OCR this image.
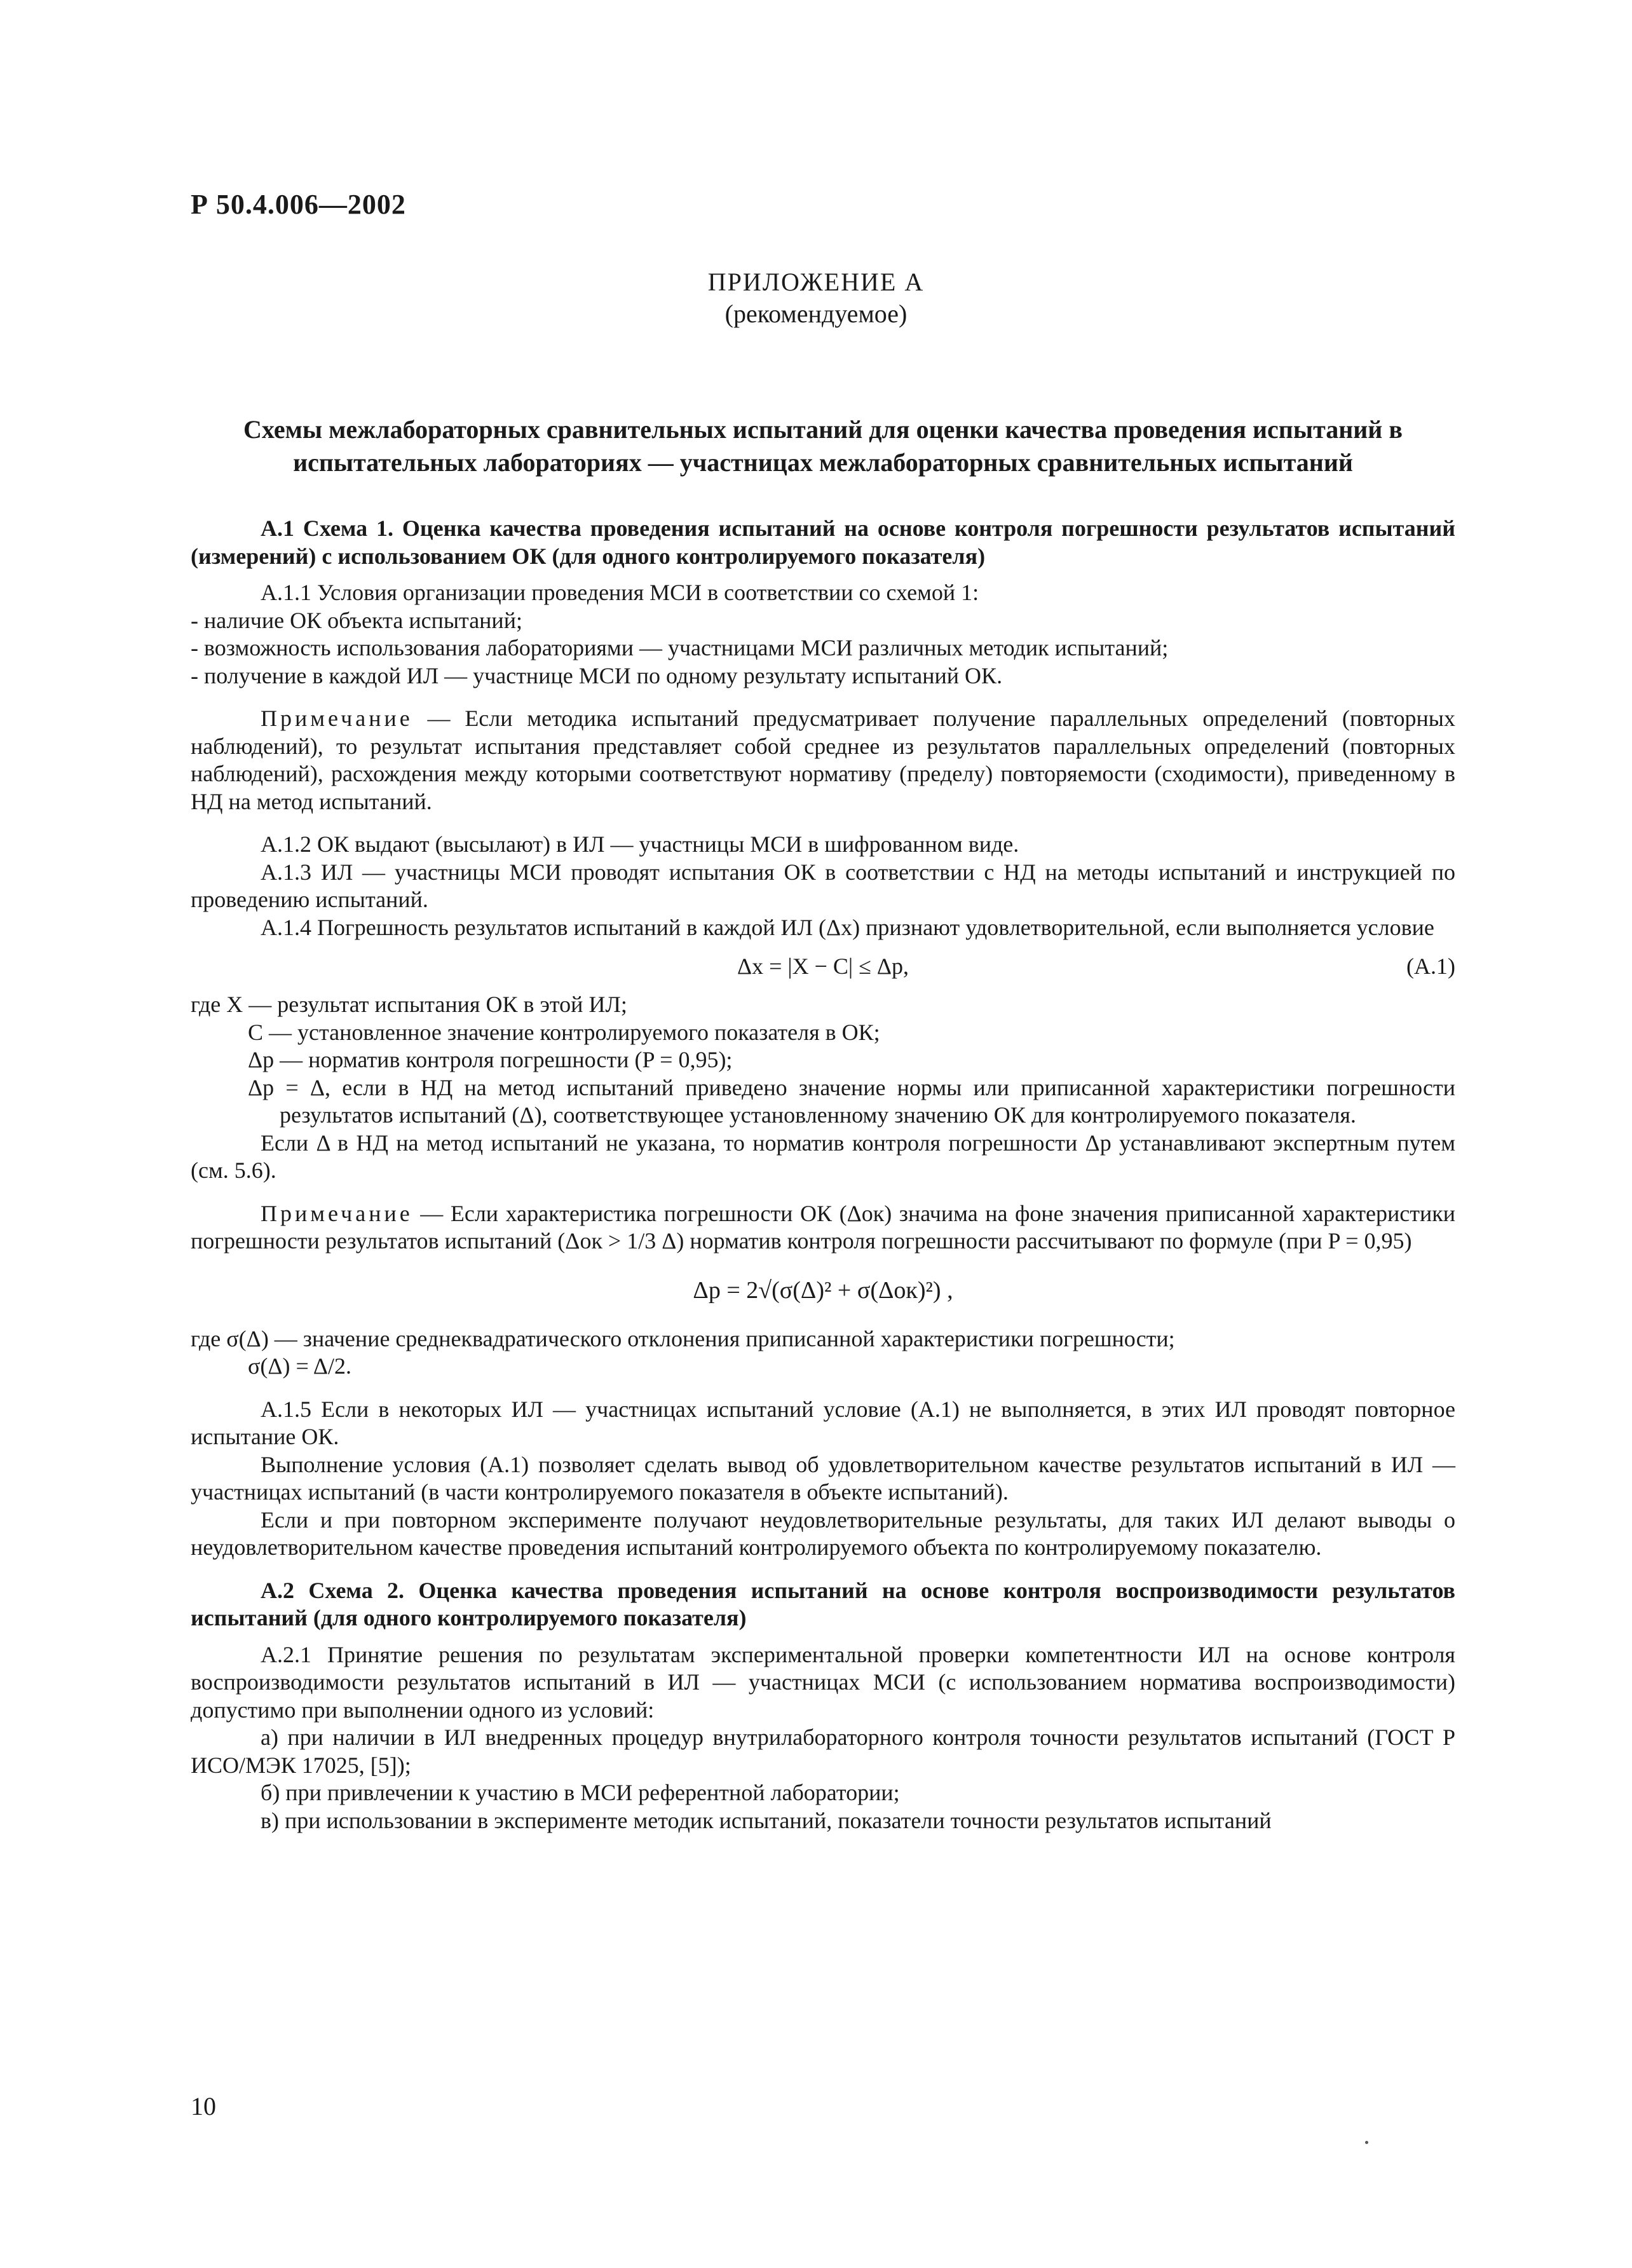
Р 50.4.006—2002
ПРИЛОЖЕНИЕ А
(рекомендуемое)
Схемы межлабораторных сравнительных испытаний для оценки качества проведения испытаний в испытательных лабораториях — участницах межлабораторных сравнительных испытаний

А.1 Схема 1. Оценка качества проведения испытаний на основе контроля погрешности результатов испытаний (измерений) с использованием ОК (для одного контролируемого показателя)

А.1.1 Условия организации проведения МСИ в соответствии со схемой 1:

- наличие ОК объекта испытаний;

- возможность использования лабораториями — участницами МСИ различных методик испытаний;

- получение в каждой ИЛ — участнице МСИ по одному результату испытаний ОК.

Примечание — Если методика испытаний предусматривает получение параллельных определений (повторных наблюдений), то результат испытания представляет собой среднее из результатов параллельных определений (повторных наблюдений), расхождения между которыми соответствуют нормативу (пределу) повторяемости (сходимости), приведенному в НД на метод испытаний.

А.1.2 ОК выдают (высылают) в ИЛ — участницы МСИ в шифрованном виде.

А.1.3 ИЛ — участницы МСИ проводят испытания ОК в соответствии с НД на методы испытаний и инструкцией по проведению испытаний.

А.1.4 Погрешность результатов испытаний в каждой ИЛ (Δx) признают удовлетворительной, если выполняется условие

Δx = |X − C| ≤ Δp,	(А.1)

где X — результат испытания ОК в этой ИЛ;

C — установленное значение контролируемого показателя в ОК;

Δp — норматив контроля погрешности (P = 0,95);

Δp = Δ, если в НД на метод испытаний приведено значение нормы или приписанной характеристики погрешности результатов испытаний (Δ), соответствующее установленному значению ОК для контролируемого показателя.

Если Δ в НД на метод испытаний не указана, то норматив контроля погрешности Δp устанавливают экспертным путем (см. 5.6).

Примечание — Если характеристика погрешности ОК (Δок) значима на фоне значения приписанной характеристики погрешности результатов испытаний (Δок > 1/3 Δ) норматив контроля погрешности рассчитывают по формуле (при P = 0,95)

Δp = 2√(σ(Δ)² + σ(Δок)²) ,

где σ(Δ) — значение среднеквадратического отклонения приписанной характеристики погрешности;

σ(Δ) = Δ/2.

А.1.5 Если в некоторых ИЛ — участницах испытаний условие (А.1) не выполняется, в этих ИЛ проводят повторное испытание ОК.

Выполнение условия (А.1) позволяет сделать вывод об удовлетворительном качестве результатов испытаний в ИЛ — участницах испытаний (в части контролируемого показателя в объекте испытаний).

Если и при повторном эксперименте получают неудовлетворительные результаты, для таких ИЛ делают выводы о неудовлетворительном качестве проведения испытаний контролируемого объекта по контролируемому показателю.

А.2 Схема 2. Оценка качества проведения испытаний на основе контроля воспроизводимости результатов испытаний (для одного контролируемого показателя)

А.2.1 Принятие решения по результатам экспериментальной проверки компетентности ИЛ на основе контроля воспроизводимости результатов испытаний в ИЛ — участницах МСИ (с использованием норматива воспроизводимости) допустимо при выполнении одного из условий:

а) при наличии в ИЛ внедренных процедур внутрилабораторного контроля точности результатов испытаний (ГОСТ Р ИСО/МЭК 17025, [5]);

б) при привлечении к участию в МСИ референтной лаборатории;

в) при использовании в эксперименте методик испытаний, показатели точности результатов испытаний

10
